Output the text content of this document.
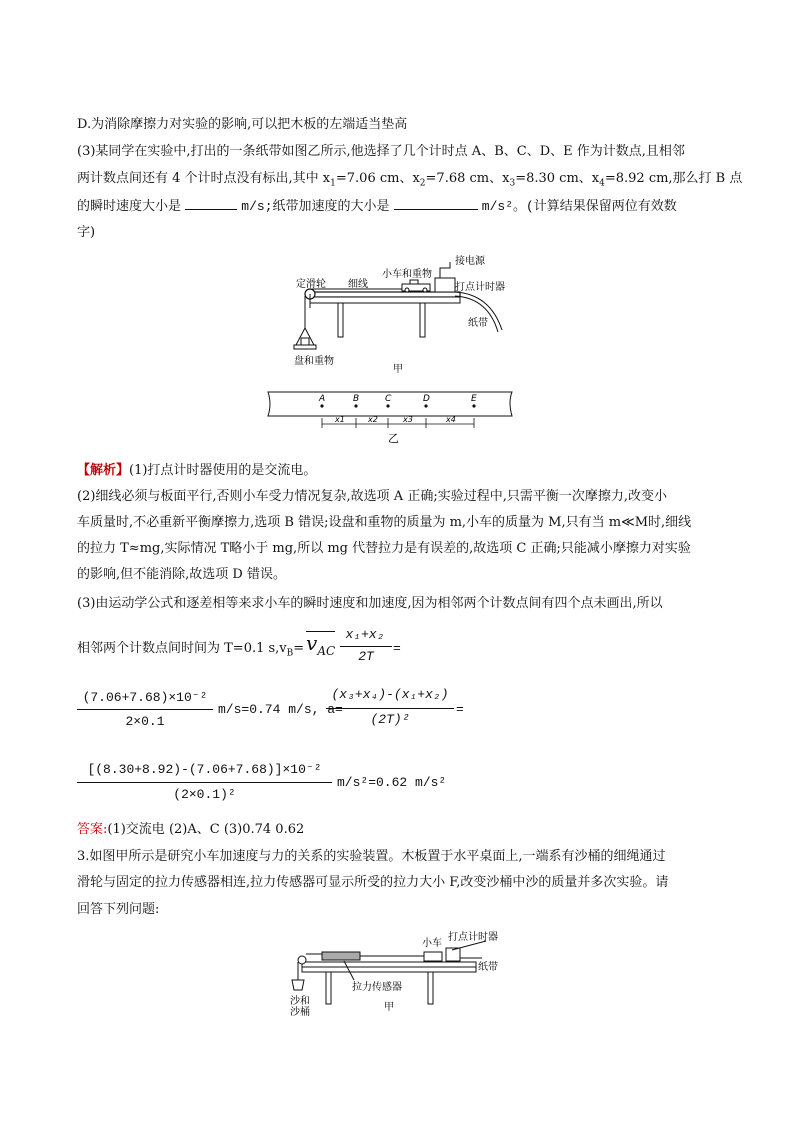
D.为消除摩擦力对实验的影响,可以把木板的左端适当垫高
(3)某同学在实验中,打出的一条纸带如图乙所示,他选择了几个计时点 A、B、C、D、E 作为计数点,且相邻
两计数点间还有 4 个计时点没有标出,其中 $x_1=7.06$ cm、$x_2=7.68$ cm、$x_3=8.30$ cm、$x_4=8.92$ cm,那么打 B 点
的瞬时速度大小是	m/s;纸带加速度的大小是	m/s²。(计算结果保留两位有效数
字)
定滑轮 细线
小车和重物
接电源
打点计时器
纸带
盘和重物
甲
A	B	C	D	E
x1	x2	x3	x4
乙
【解析】(1)打点计时器使用的是交流电。
(2)细线必须与板面平行,否则小车受力情况复杂,故选项 A 正确;实验过程中,只需平衡一次摩擦力,改变小
车质量时,不必重新平衡摩擦力,选项 B 错误;设盘和重物的质量为 m,小车的质量为 M,只有当 m≪M时,细线
的拉力 T≈mg,实际情况 T略小于 mg,所以 mg 代替拉力是有误差的,故选项 C 正确;只能减小摩擦力对实验
的影响,但不能消除,故选项 D 错误。
(3)由运动学公式和逐差相等来求小车的瞬时速度和加速度,因为相邻两个计数点间有四个点未画出,所以
相邻两个计数点间时间为 T=0.1 $s,v_B= v_{AC}$
x₁+x₂
2T
=
(7.06+7.68)×10⁻²
2×0.1
m/s=0.74 m/s, a=
(x₃+x₄)-(x₁+x₂)
(2T)²
=
[(8.30+8.92)-(7.06+7.68)]×10⁻²
(2×0.1)²
m/s²=0.62 m/s²
答案:(1)交流电 (2)A、C (3)0.74 0.62
3.如图甲所示是研究小车加速度与力的关系的实验装置。木板置于水平桌面上,一端系有沙桶的细绳通过
滑轮与固定的拉力传感器相连,拉力传感器可显示所受的拉力大小 F,改变沙桶中沙的质量并多次实验。请
回答下列问题:
小车
打点计时器
纸带
沙和
沙桶
拉力传感器
甲
